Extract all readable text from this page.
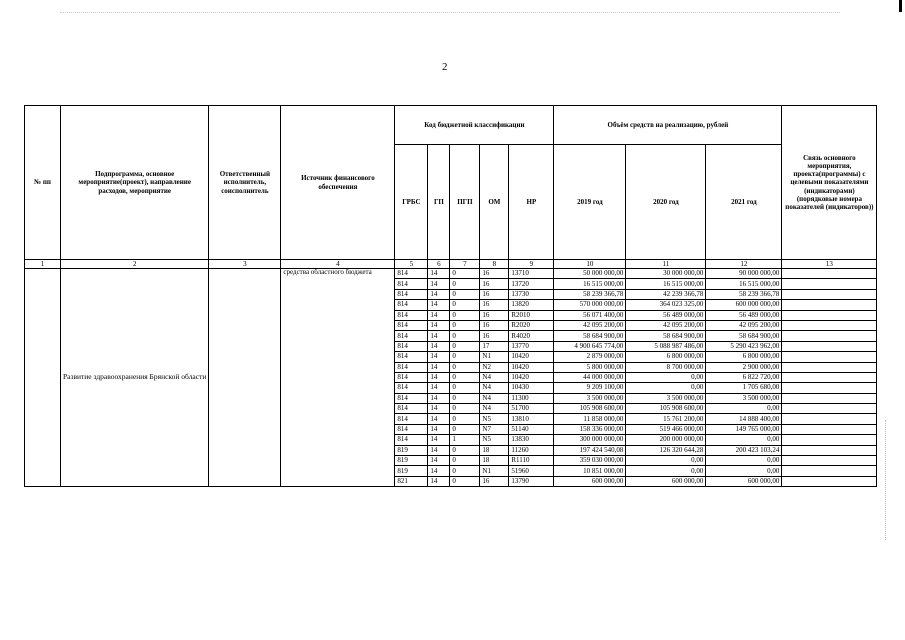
2
№ пп	Подпрограмма, основное мероприятие(проект), направление расходов, мероприятие	Ответственный исполнитель, соисполнитель	Источник финансового обеспечения	Код бюджетной классификации					Объём средств на реализацию, рублей			Связь основного мероприятия, проекта(программы) с целевыми показателями (индикаторами) (порядковые номера показателей (индикаторов))
				ГРБС	ГП	ПГП	ОМ	НР	2019 год	2020 год	2021 год	
1	2	3	4	5	6	7	8	9	10	11	12	13
	Развитие здравоохранения Брянской области		средства областного бюджета	814	14	0	16	13710	50 000 000,00	30 000 000,00	90 000 000,00	
				814	14	0	16	13720	16 515 000,00	16 515 000,00	16 515 000,00	
				814	14	0	16	13730	58 239 366,78	42 239 366,78	58 239 366,78	
				814	14	0	16	13820	570 000 000,00	364 023 325,00	600 000 000,00	
				814	14	0	16	R2010	56 071 400,00	56 489 000,00	56 489 000,00	
				814	14	0	16	R2020	42 095 200,00	42 095 200,00	42 095 200,00	
				814	14	0	16	R4020	58 684 900,00	58 684 900,00	58 684 900,00	
				814	14	0	17	13770	4 900 645 774,00	5 088 987 486,00	5 290 423 962,00	
				814	14	0	N1	10420	2 879 000,00	6 800 000,00	6 800 000,00	
				814	14	0	N2	10420	5 800 000,00	8 700 000,00	2 900 000,00	
				814	14	0	N4	10420	44 000 000,00	0,00	6 822 720,00	
				814	14	0	N4	10430	9 209 100,00	0,00	1 705 680,00	
				814	14	0	N4	11300	3 500 000,00	3 500 000,00	3 500 000,00	
				814	14	0	N4	51700	105 908 600,00	105 908 600,00	0,00	
				814	14	0	N5	13810	11 858 000,00	15 761 200,00	14 888 400,00	
				814	14	0	N7	51140	158 336 000,00	519 466 000,00	149 765 000,00	
				814	14	1	N5	13830	300 000 000,00	200 000 000,00	0,00	
				819	14	0	18	11260	197 424 540,08	126 320 644,28	200 423 103,24	
				819	14	0	18	R1110	359 030 000,00	0,00	0,00	
				819	14	0	N1	51960	10 851 000,00	0,00	0,00	
				821	14	0	16	13790	600 000,00	600 000,00	600 000,00	
